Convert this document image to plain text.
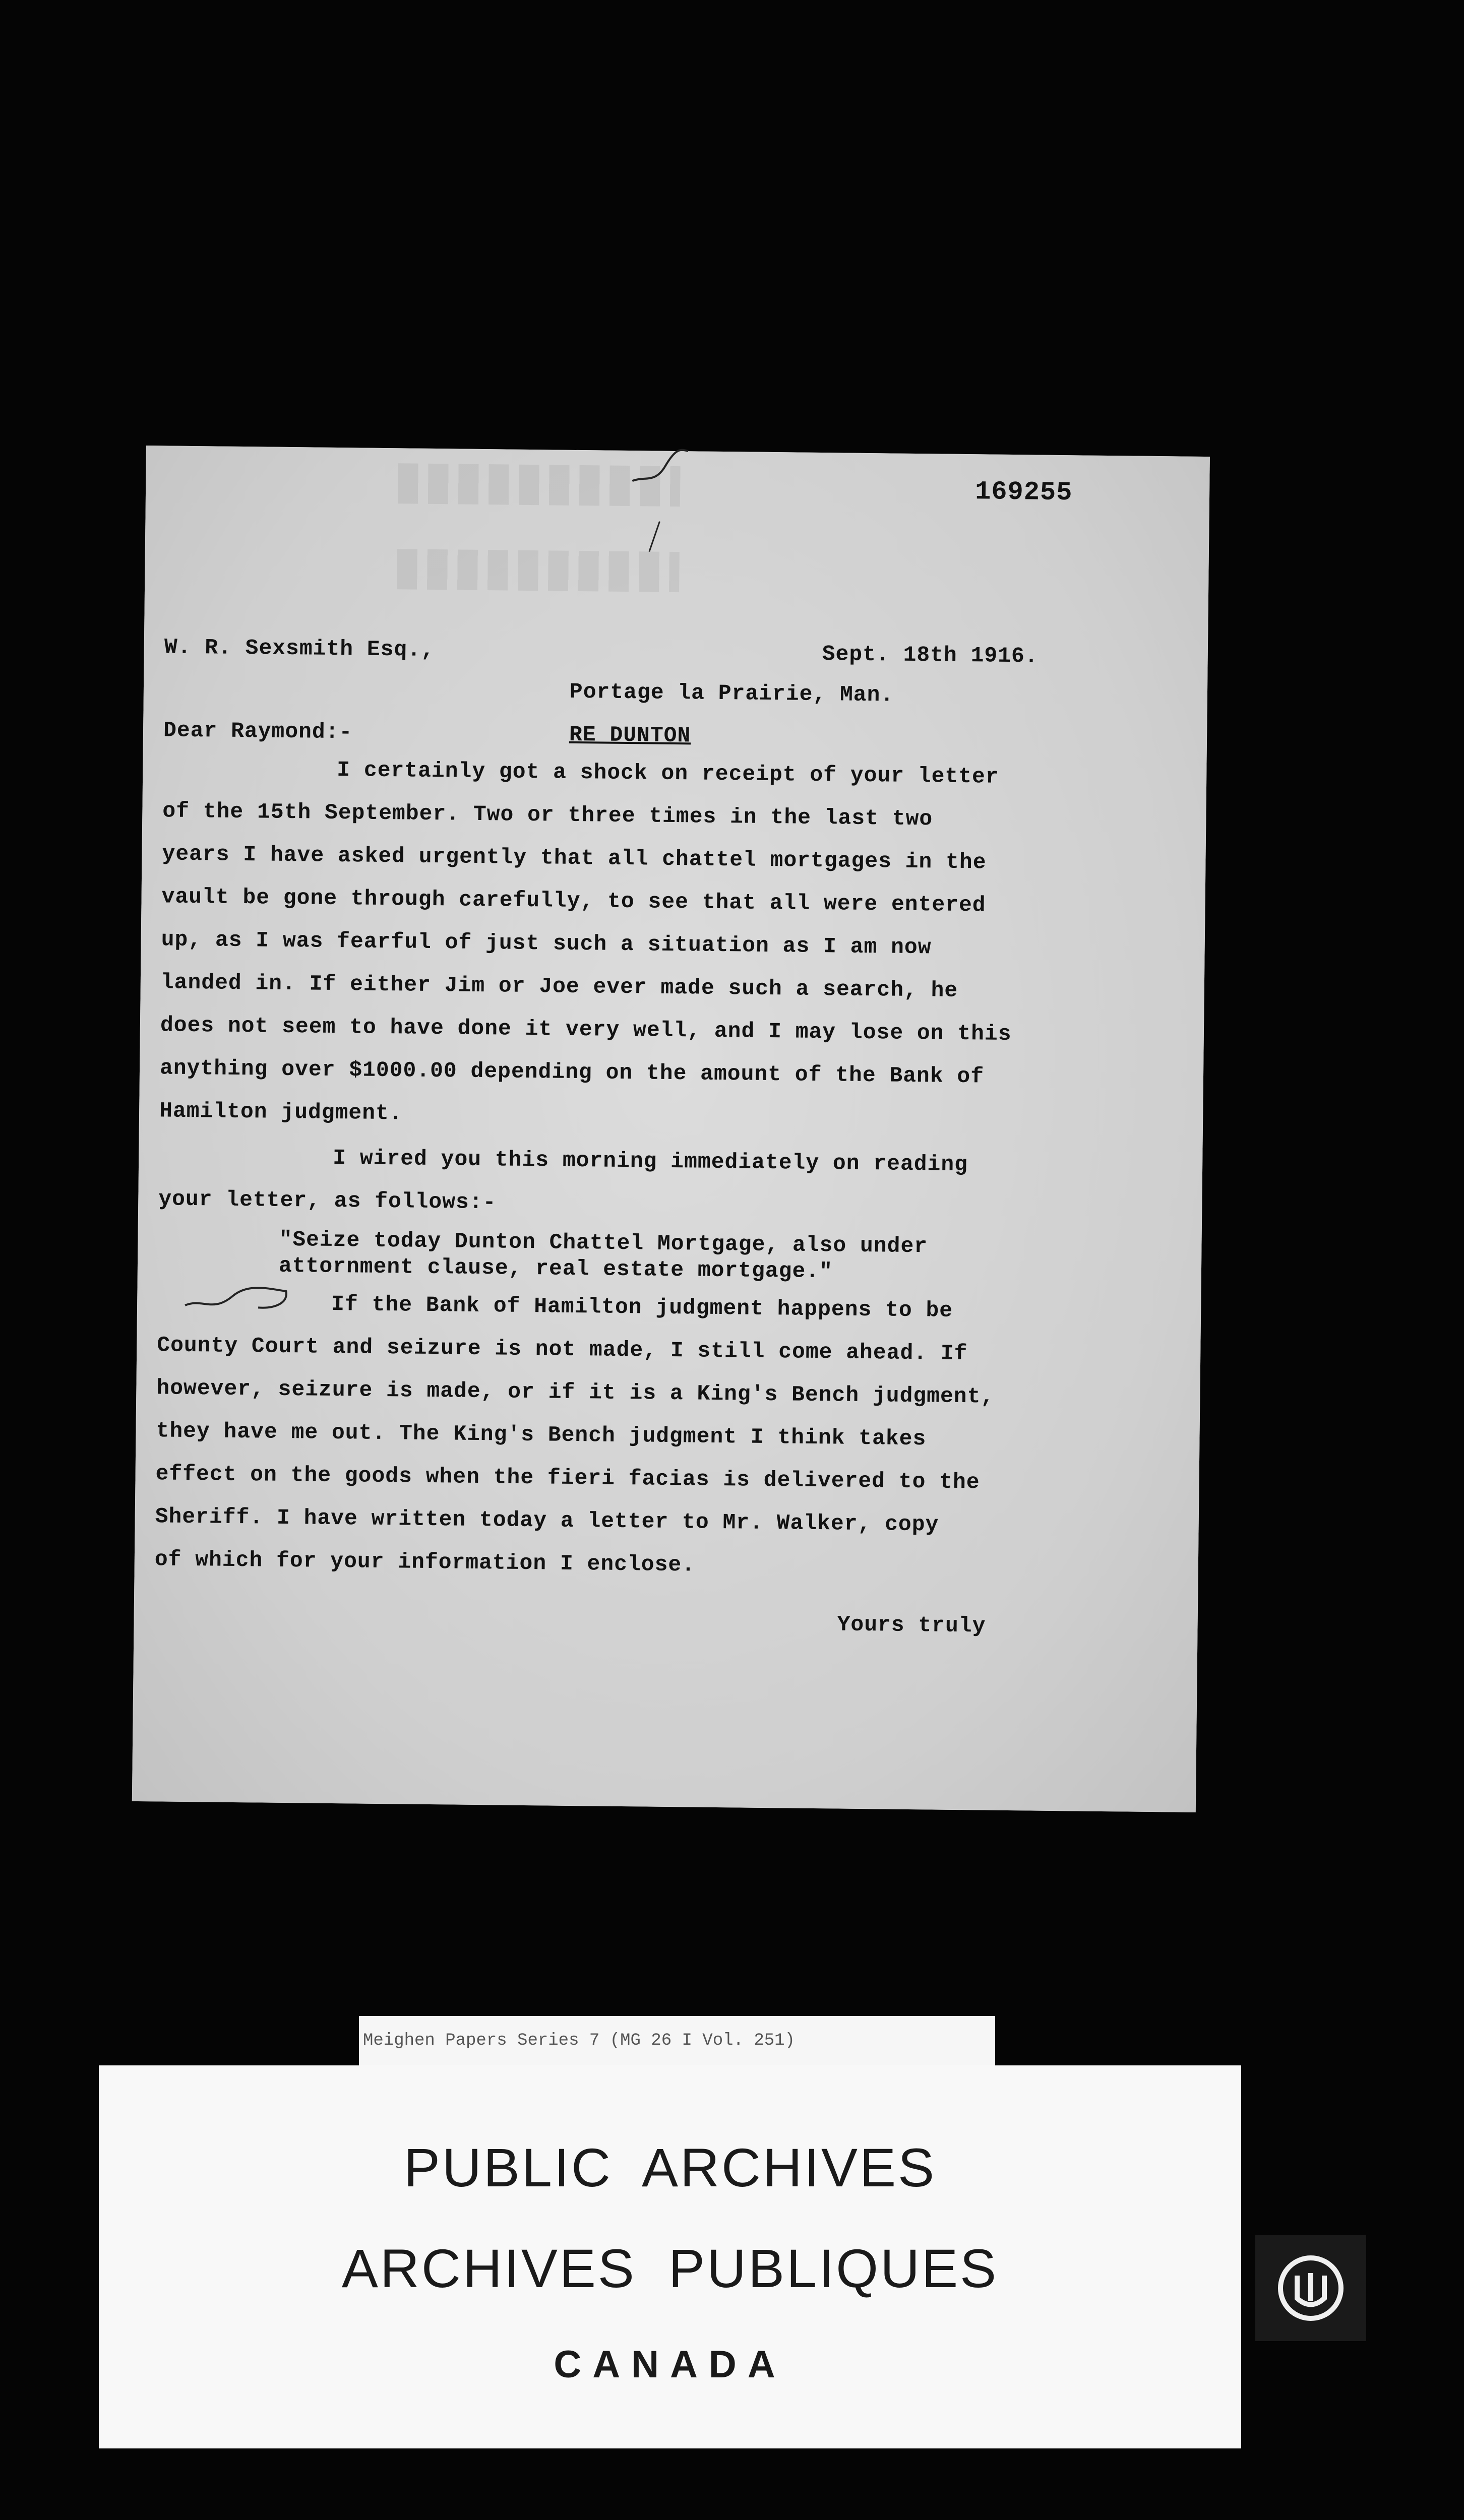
169255
W. R. Sexsmith Esq.,	Sept. 18th 1916.
Portage la Prairie, Man.
Dear Raymond:-	RE DUNTON
I certainly got a shock on receipt of your letter
of the 15th September. Two or three times in the last two
years I have asked urgently that all chattel mortgages in the
vault be gone through carefully, to see that all were entered
up, as I was fearful of just such a situation as I am now
landed in. If either Jim or Joe ever made such a search, he
does not seem to have done it very well, and I may lose on this
anything over $1000.00 depending on the amount of the Bank of
Hamilton judgment.
I wired you this morning immediately on reading
your letter, as follows:-
"Seize today Dunton Chattel Mortgage, also under
attornment clause, real estate mortgage."
If the Bank of Hamilton judgment happens to be
County Court and seizure is not made, I still come ahead. If
however, seizure is made, or if it is a King's Bench judgment,
they have me out. The King's Bench judgment I think takes
effect on the goods when the fieri facias is delivered to the
Sheriff. I have written today a letter to Mr. Walker, copy
of which for your information I enclose.
Yours truly
Meighen Papers Series 7 (MG 26 I Vol. 251)
PUBLIC ARCHIVES
ARCHIVES PUBLIQUES
CANADA
